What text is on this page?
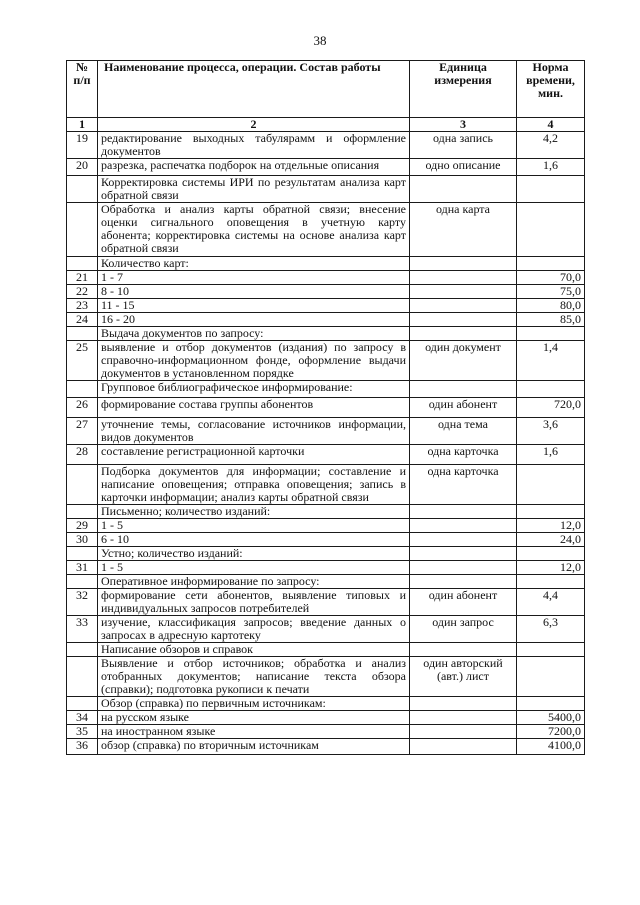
38
№ п/п	Наименование процесса, операции. Состав работы	Единица измерения	Норма времени, мин.
1	2	3	4
19	редактирование выходных табулярамм и оформление документов	одна запись	4,2
20	разрезка, распечатка подборок на отдельные описания	одно описание	1,6
	Корректировка системы ИРИ по результатам анализа карт обратной связи		
	Обработка и анализ карты обратной связи; внесение оценки сигнального оповещения в учетную карту абонента; корректировка системы на основе анализа карт обратной связи	одна карта	
	Количество карт:		
21	1 - 7		70,0
22	8 - 10		75,0
23	11 - 15		80,0
24	16 - 20		85,0
	Выдача документов по запросу:		
25	выявление и отбор документов (издания) по запросу в справочно-информационном фонде, оформление выдачи документов в установленном порядке	один документ	1,4
	Групповое библиографическое информирование:		
26	формирование состава группы абонентов	один абонент	720,0
27	уточнение темы, согласование источников информации, видов документов	одна тема	3,6
28	составление регистрационной карточки	одна карточка	1,6
	Подборка документов для информации; составление и написание оповещения; отправка оповещения; запись в карточки информации; анализ карты обратной связи	одна карточка	
	Письменно; количество изданий:		
29	1 - 5		12,0
30	6 - 10		24,0
	Устно; количество изданий:		
31	1 - 5		12,0
	Оперативное информирование по запросу:		
32	формирование сети абонентов, выявление типовых и индивидуальных запросов потребителей	один абонент	4,4
33	изучение, классификация запросов; введение данных о запросах в адресную картотеку	один запрос	6,3
	Написание обзоров и справок		
	Выявление и отбор источников; обработка и анализ отобранных документов; написание текста обзора (справки); подготовка рукописи к печати	один авторский (авт.) лист	
	Обзор (справка) по первичным источникам:		
34	на русском языке		5400,0
35	на иностранном языке		7200,0
36	обзор (справка) по вторичным источникам		4100,0
